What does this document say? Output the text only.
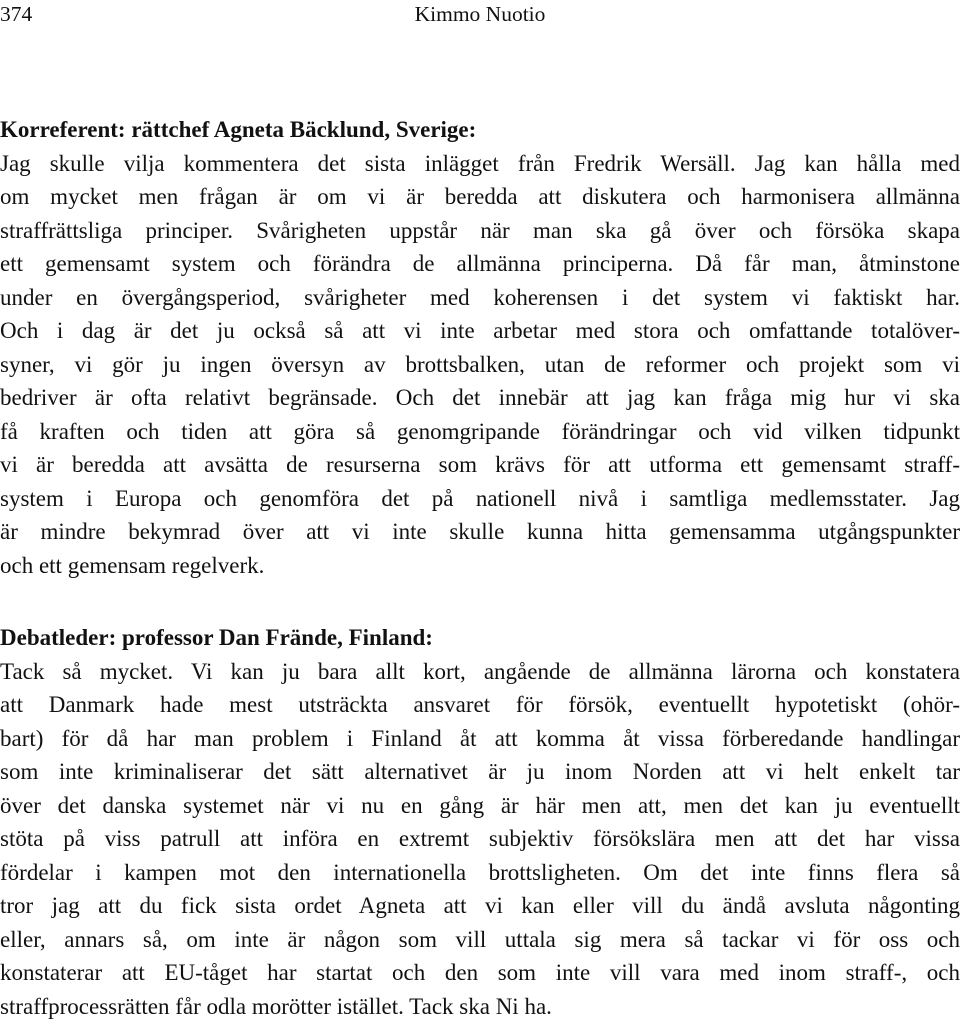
374	Kimmo Nuotio

Korreferent: rättchef Agneta Bäcklund, Sverige:

Jag skulle vilja kommentera det sista inlägget från Fredrik Wersäll. Jag kan hålla med
om mycket men frågan är om vi är beredda att diskutera och harmonisera allmänna
straffrättsliga principer. Svårigheten uppstår när man ska gå över och försöka skapa
ett gemensamt system och förändra de allmänna principerna. Då får man, åtminstone
under en övergångsperiod, svårigheter med koherensen i det system vi faktiskt har.
Och i dag är det ju också så att vi inte arbetar med stora och omfattande totalöver-
syner, vi gör ju ingen översyn av brottsbalken, utan de reformer och projekt som vi
bedriver är ofta relativt begränsade. Och det innebär att jag kan fråga mig hur vi ska
få kraften och tiden att göra så genomgripande förändringar och vid vilken tidpunkt
vi är beredda att avsätta de resurserna som krävs för att utforma ett gemensamt straff-
system i Europa och genomföra det på nationell nivå i samtliga medlemsstater. Jag
är mindre bekymrad över att vi inte skulle kunna hitta gemensamma utgångspunkter
och ett gemensam regelverk.

Debatleder: professor Dan Frände, Finland:

Tack så mycket. Vi kan ju bara allt kort, angående de allmänna lärorna och konstatera
att Danmark hade mest utsträckta ansvaret för försök, eventuellt hypotetiskt (ohör-
bart) för då har man problem i Finland åt att komma åt vissa förberedande handlingar
som inte kriminaliserar det sätt alternativet är ju inom Norden att vi helt enkelt tar
över det danska systemet när vi nu en gång är här men att, men det kan ju eventuellt
stöta på viss patrull att införa en extremt subjektiv försökslära men att det har vissa
fördelar i kampen mot den internationella brottsligheten. Om det inte finns flera så
tror jag att du fick sista ordet Agneta att vi kan eller vill du ändå avsluta någonting
eller, annars så, om inte är någon som vill uttala sig mera så tackar vi för oss och
konstaterar att EU-tåget har startat och den som inte vill vara med inom straff-, och
straffprocessrätten får odla morötter istället. Tack ska Ni ha.
